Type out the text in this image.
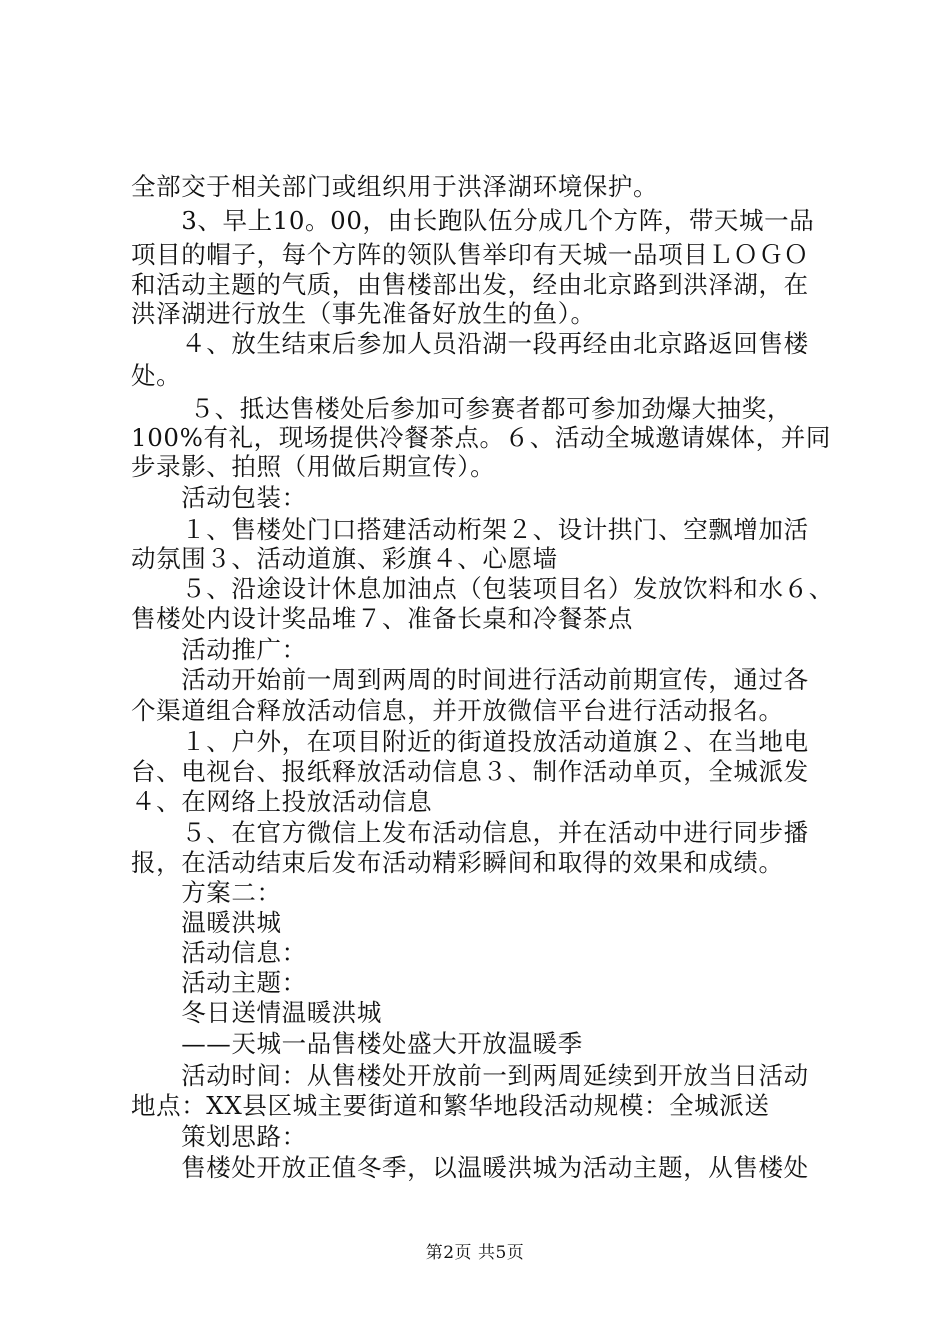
全部交于相关部门或组织用于洪泽湖环境保护。
　　3、早上10。00，由长跑队伍分成几个方阵，带天城一品
项目的帽子，每个方阵的领队售举印有天城一品项目ＬＯＧＯ
和活动主题的气质，由售楼部出发，经由北京路到洪泽湖，在
洪泽湖进行放生（事先准备好放生的鱼）。
　　４、放生结束后参加人员沿湖一段再经由北京路返回售楼
处。
　　 ５、抵达售楼处后参加可参赛者都可参加劲爆大抽奖，
100%有礼，现场提供冷餐茶点。６、活动全城邀请媒体，并同
步录影、拍照（用做后期宣传）。
　　活动包装：
　　１、售楼处门口搭建活动桁架２、设计拱门、空飘增加活
动氛围３、活动道旗、彩旗４、心愿墙
　　５、沿途设计休息加油点（包装项目名）发放饮料和水６、
售楼处内设计奖品堆７、准备长桌和冷餐茶点
　　活动推广：
　　活动开始前一周到两周的时间进行活动前期宣传，通过各
个渠道组合释放活动信息，并开放微信平台进行活动报名。
　　１、户外，在项目附近的街道投放活动道旗２、在当地电
台、电视台、报纸释放活动信息３、制作活动单页，全城派发
４、在网络上投放活动信息
　　５、在官方微信上发布活动信息，并在活动中进行同步播
报，在活动结束后发布活动精彩瞬间和取得的效果和成绩。
　　方案二：
　　温暖洪城
　　活动信息：
　　活动主题：
　　冬日送情温暖洪城
　　——天城一品售楼处盛大开放温暖季
　　活动时间：从售楼处开放前一到两周延续到开放当日活动
地点：XX县区城主要街道和繁华地段活动规模：全城派送
　　策划思路：
　　售楼处开放正值冬季，以温暖洪城为活动主题，从售楼处
第2页 共5页
